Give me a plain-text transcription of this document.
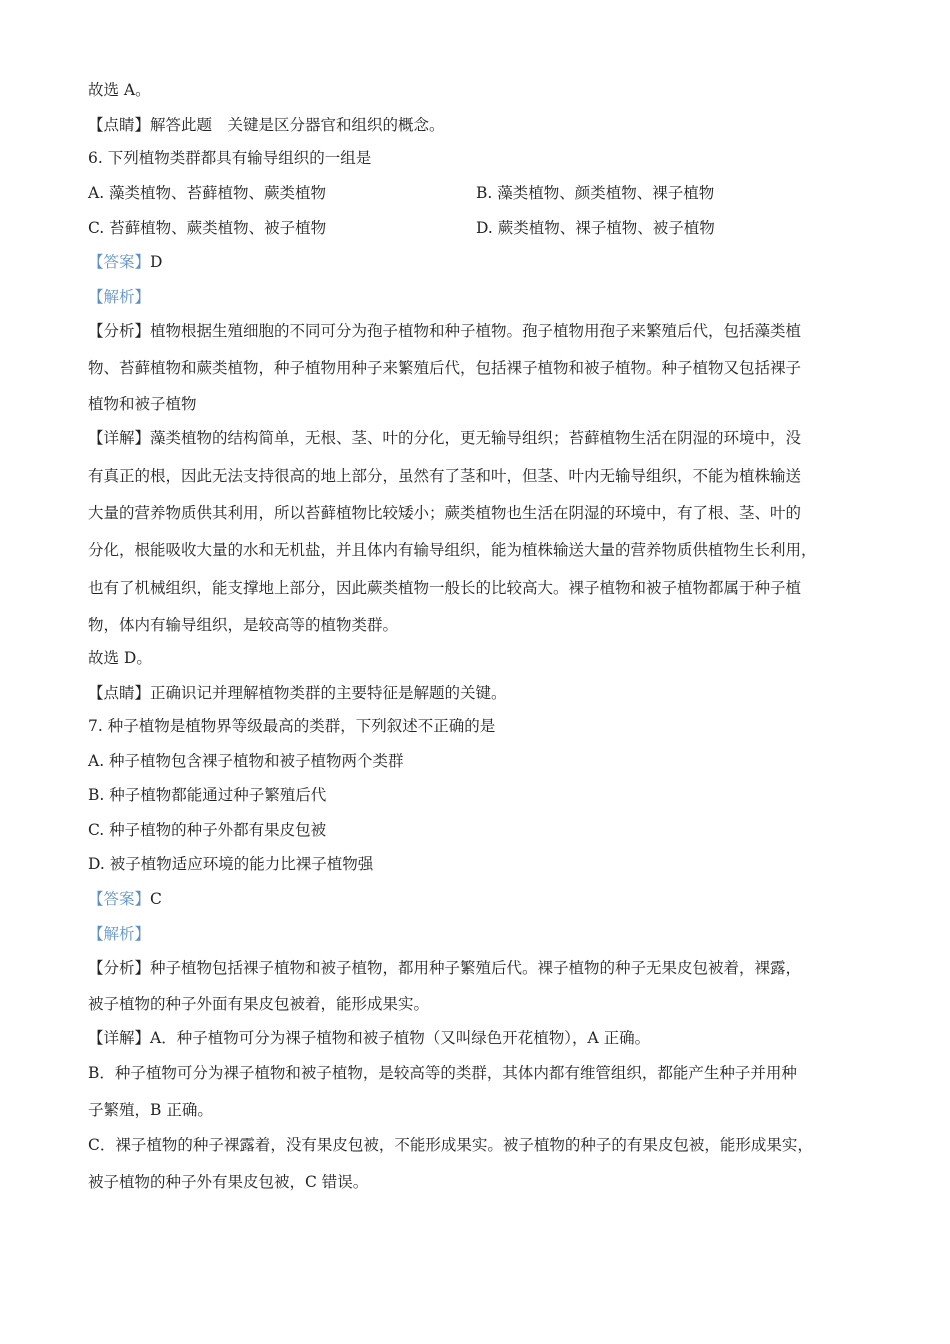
故选 A。
【点睛】解答此题　关键是区分器官和组织的概念。
6. 下列植物类群都具有输导组织的一组是
A. 藻类植物、苔藓植物、蕨类植物	B. 藻类植物、颜类植物、裸子植物
C. 苔藓植物、蕨类植物、被子植物	D. 蕨类植物、裸子植物、被子植物
【答案】D
【解析】
【分析】植物根据生殖细胞的不同可分为孢子植物和种子植物。孢子植物用孢子来繁殖后代，包括藻类植
物、苔藓植物和蕨类植物，种子植物用种子来繁殖后代，包括裸子植物和被子植物。种子植物又包括裸子
植物和被子植物
【详解】藻类植物的结构简单，无根、茎、叶的分化，更无输导组织；苔藓植物生活在阴湿的环境中，没
有真正的根，因此无法支持很高的地上部分，虽然有了茎和叶，但茎、叶内无输导组织，不能为植株输送
大量的营养物质供其利用，所以苔藓植物比较矮小；蕨类植物也生活在阴湿的环境中，有了根、茎、叶的
分化，根能吸收大量的水和无机盐，并且体内有输导组织，能为植株输送大量的营养物质供植物生长利用，
也有了机械组织，能支撑地上部分，因此蕨类植物一般长的比较高大。裸子植物和被子植物都属于种子植
物，体内有输导组织，是较高等的植物类群。
故选 D。
【点睛】正确识记并理解植物类群的主要特征是解题的关键。
7. 种子植物是植物界等级最高的类群，下列叙述不正确的是
A. 种子植物包含裸子植物和被子植物两个类群
B. 种子植物都能通过种子繁殖后代
C. 种子植物的种子外都有果皮包被
D. 被子植物适应环境的能力比裸子植物强
【答案】C
【解析】
【分析】种子植物包括裸子植物和被子植物，都用种子繁殖后代。裸子植物的种子无果皮包被着，裸露，
被子植物的种子外面有果皮包被着，能形成果实。
【详解】A．种子植物可分为裸子植物和被子植物（又叫绿色开花植物），A 正确。
B．种子植物可分为裸子植物和被子植物，是较高等的类群，其体内都有维管组织，都能产生种子并用种
子繁殖，B 正确。
C．裸子植物的种子裸露着，没有果皮包被，不能形成果实。被子植物的种子的有果皮包被，能形成果实，
被子植物的种子外有果皮包被，C 错误。
